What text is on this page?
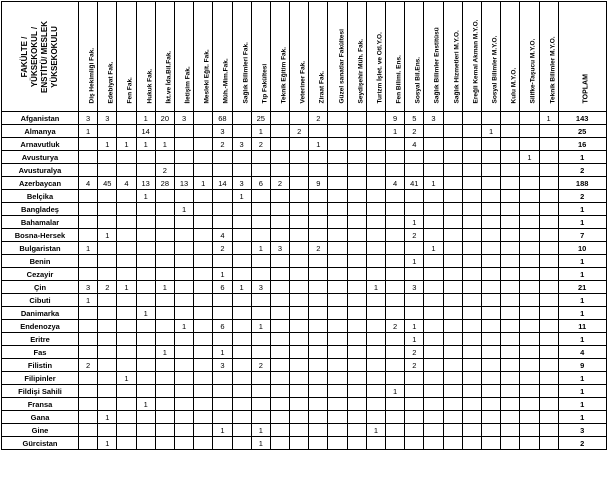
FAKÜLTE / YÜKSEKOKUL / ENSTİTÜ/ MESLEK YÜKSEKOKULU	Diş Hekimliği Fak.	Edebiyat Fak.	Fen Fak.	Hukuk Fak.	İkt.ve İda.Bil.Fak.	İletişim Fak.	Mesleki Eğit. Fak.	Müh.-Mim.Fak.	Sağlık Bilimleri Fak.	Tıp Fakültesi	Teknik Eğitim Fak.	Veteriner Fak.	Ziraat Fak.	Güzel sanatlar Fakültesi	Seydişehir Müh. Fak.	Turizm İşlet. ve Otl.Y.O.	Fen Bilimi. Ens.	Sosyal Bil.Ens.	Sağlık Bilimler Enstitüsü	Sağlık Hizmetleri M.Y.O.	Ereğli Kemal Akman M.Y.O.	Sosyal Bilimler M.Y.O.	Kulu M.Y.O.	Silifke-Taşucu M.Y.O.	Teknik Bilimler M.Y.O.	TOPLAM

Afganistan	3	3		1	20	3		68		25			2				9	5	3						1	143
Almanya	1			14				3		1		2					1	2				1				25
Arnavutluk		1	1	1	1			2	3	2			1					4								16
Avusturya																								1		1
Avusturalya					2																					2
Azerbaycan	4	45	4	13	28	13	1	14	3	6	2		9				4	41	1							188
Belçika				1					1																	2
Bangladeş						1																				1
Bahamalar																		1								1
Bosna-Hersek		1						4										2								7
Bulgaristan	1							2		1	3		2						1							10
Benin																		1								1
Cezayir								1																		1
Çin	3	2	1		1			6	1	3						1		3								21
Cibuti	1																									1
Danimarka				1																						1
Endenozya						1		6		1							2	1								11
Eritre																		1								1
Fas					1			1										2								4
Filistin	2							3		2								2								9
Filipinler			1																							1
Fildişi Sahili																	1									1
Fransa				1																						1
Gana		1																								1
Gine								1		1						1										3
Gürcistan		1								1																2
